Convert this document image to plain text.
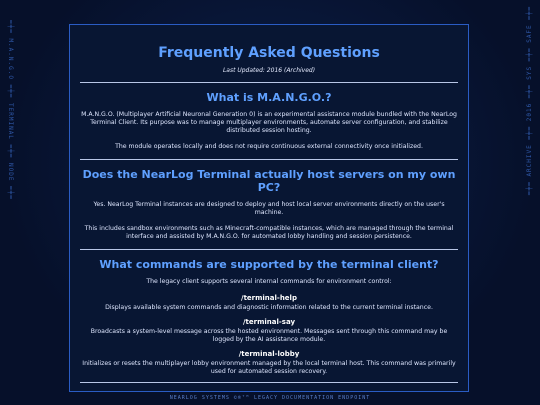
═╪═ M.A.N.G.O ═╪═ TERMINAL ═╪═ NODE ═╪═	═╪═ ARCHIVE ═╪═ 2016 ═╪═ SYS ═╪═ SAFE ═╪═
Frequently Asked Questions
Last Updated: 2016 (Archived)
What is M.A.N.G.O.?

M.A.N.G.O. (Multiplayer Artificial Neuronal Generation 0) is an experimental assistance module bundled with the NearLog Terminal Client. Its purpose was to manage multiplayer environments, automate server configuration, and stabilize distributed session hosting.

The module operates locally and does not require continuous external connectivity once initialized.

Does the NearLog Terminal actually host servers on my own PC?

Yes. NearLog Terminal instances are designed to deploy and host local server environments directly on the user's machine.

This includes sandbox environments such as Minecraft-compatible instances, which are managed through the terminal interface and assisted by M.A.N.G.O. for automated lobby handling and session persistence.

What commands are supported by the terminal client?

The legacy client supports several internal commands for environment control:

/terminal-help

Displays available system commands and diagnostic information related to the current terminal instance.

/terminal-say

Broadcasts a system-level message across the hosted environment. Messages sent through this command may be logged by the AI assistance module.

/terminal-lobby

Initializes or resets the multiplayer lobby environment managed by the local terminal host. This command was primarily used for automated session recovery.

NEARLOG SYSTEMS ©®ᵀᴹ LEGACY DOCUMENTATION ENDPOINT
